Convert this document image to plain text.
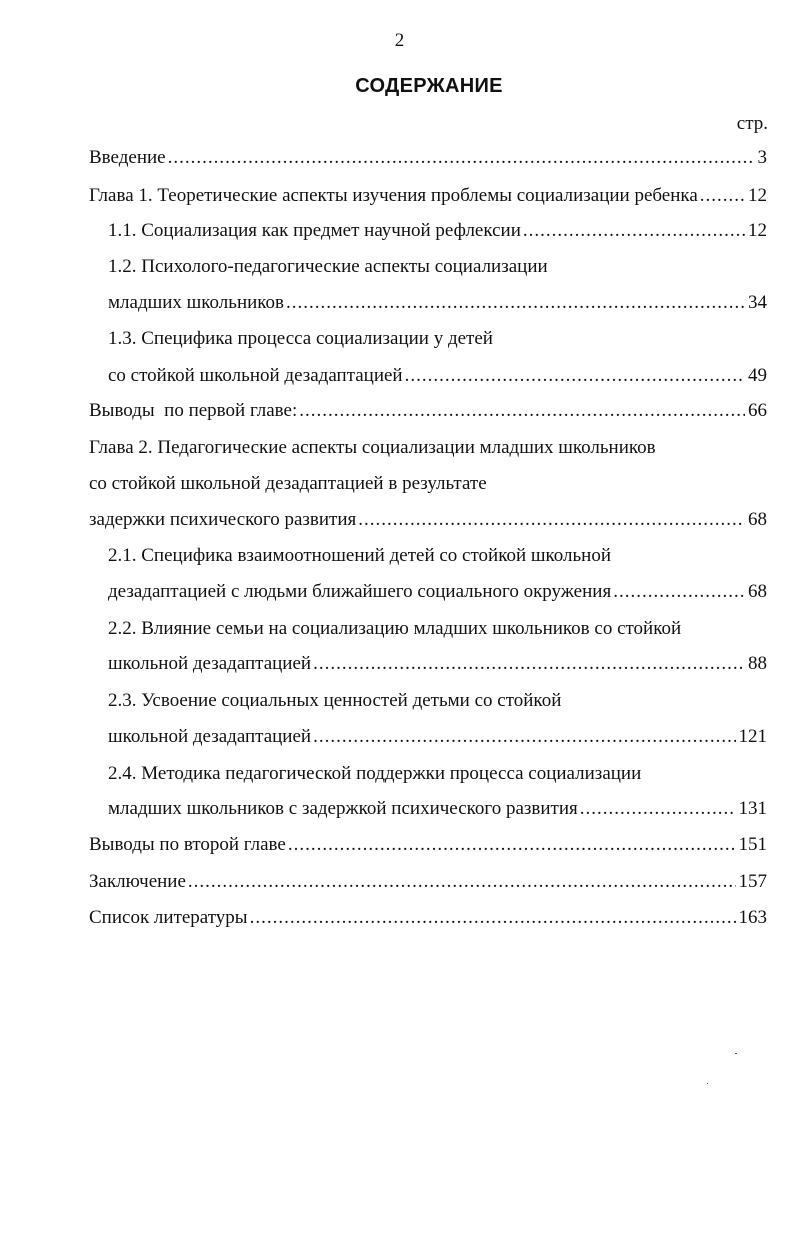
2
СОДЕРЖАНИЕ
стр.
Введение .....	3
Глава 1. Теоретические аспекты изучения проблемы социализации ребенка .....	12
1.1. Социализация как предмет научной рефлексии .....	12
1.2. Психолого-педагогические аспекты социализации
младших школьников .....	34
1.3. Специфика процесса социализации у детей
со стойкой школьной дезадаптацией .....	49
Выводы  по первой главе: .....	66
Глава 2. Педагогические аспекты социализации младших школьников
со стойкой школьной дезадаптацией в результате
задержки психического развития .....	68
2.1. Специфика взаимоотношений детей со стойкой школьной
дезадаптацией с людьми ближайшего социального окружения .....	68
2.2. Влияние семьи на социализацию младших школьников со стойкой
школьной дезадаптацией .....	88
2.3. Усвоение социальных ценностей детьми со стойкой
школьной дезадаптацией .....	121
2.4. Методика педагогической поддержки процесса социализации
младших школьников с задержкой психического развития .....	131
Выводы по второй главе .....	151
Заключение .....	157
Список литературы .....	163
